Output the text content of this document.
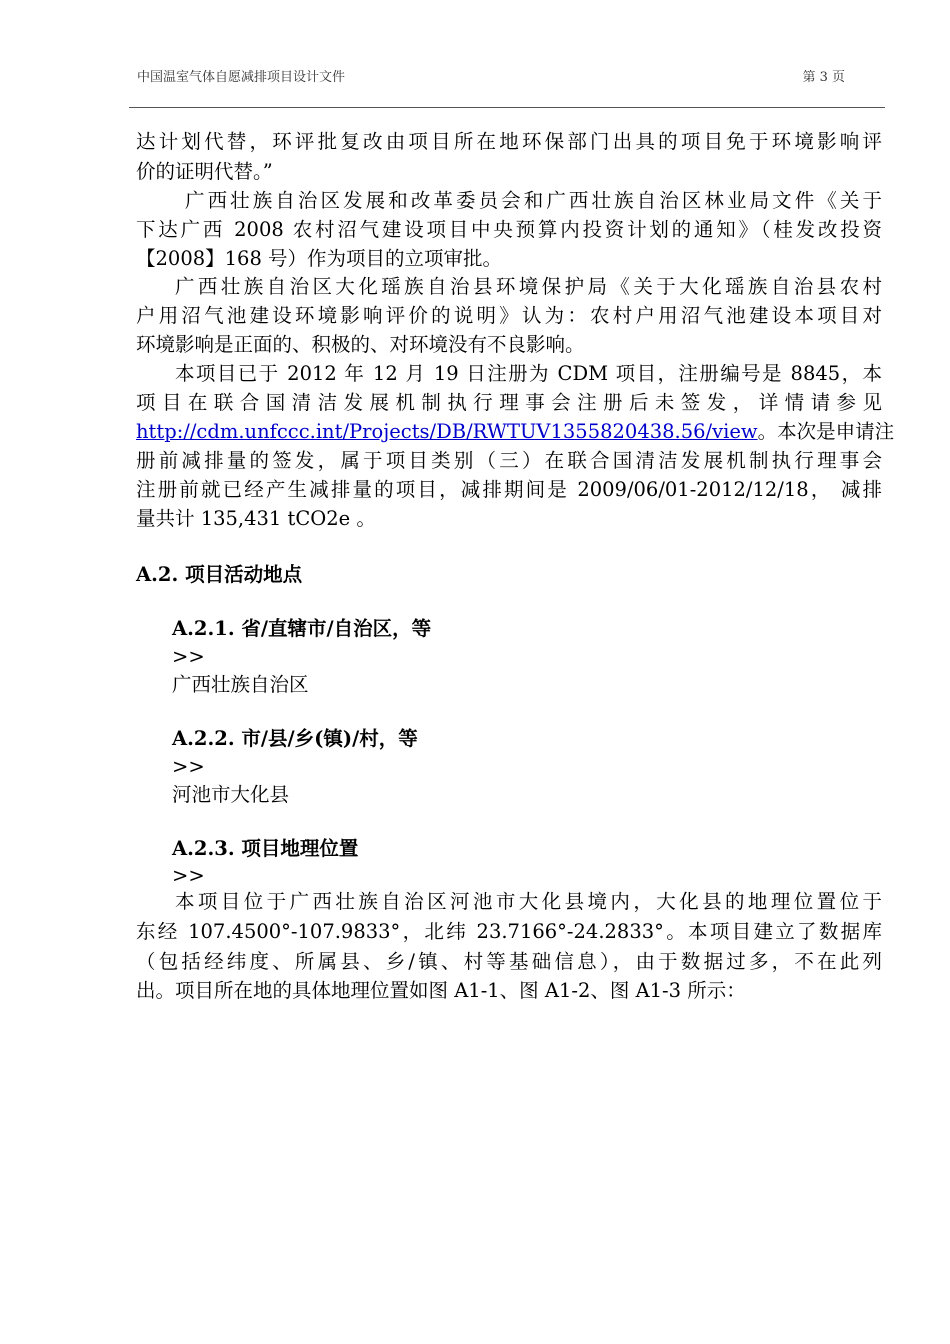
中国温室气体自愿减排项目设计文件	第 3 页
达计划代替，环评批复改由项目所在地环保部门出具的项目免于环境影响评
价的证明代替。”
广西壮族自治区发展和改革委员会和广西壮族自治区林业局文件《关于
下达广西 2008 农村沼气建设项目中央预算内投资计划的通知》（桂发改投资
【2008】168 号）作为项目的立项审批。
广西壮族自治区大化瑶族自治县环境保护局《关于大化瑶族自治县农村
户用沼气池建设环境影响评价的说明》认为：农村户用沼气池建设本项目对
环境影响是正面的、积极的、对环境没有不良影响。
本项目已于 2012 年 12 月 19 日注册为 CDM 项目，注册编号是 8845，本
项目在联合国清洁发展机制执行理事会注册后未签发，详情请参见
http://cdm.unfccc.int/Projects/DB/RWTUV1355820438.56/view。本次是申请注
册前减排量的签发，属于项目类别（三）在联合国清洁发展机制执行理事会
注册前就已经产生减排量的项目，减排期间是 2009/06/01-2012/12/18， 减排
量共计 135,431 tCO2e 。
A.2. 项目活动地点
A.2.1. 省/直辖市/自治区，等
>>
广西壮族自治区
A.2.2. 市/县/乡(镇)/村，等
>>
河池市大化县
A.2.3. 项目地理位置
>>
本项目位于广西壮族自治区河池市大化县境内，大化县的地理位置位于
东经 107.4500°-107.9833°，北纬 23.7166°-24.2833°。本项目建立了数据库
（包括经纬度、所属县、乡/镇、村等基础信息），由于数据过多，不在此列
出。项目所在地的具体地理位置如图 A1-1、图 A1-2、图 A1-3 所示：
